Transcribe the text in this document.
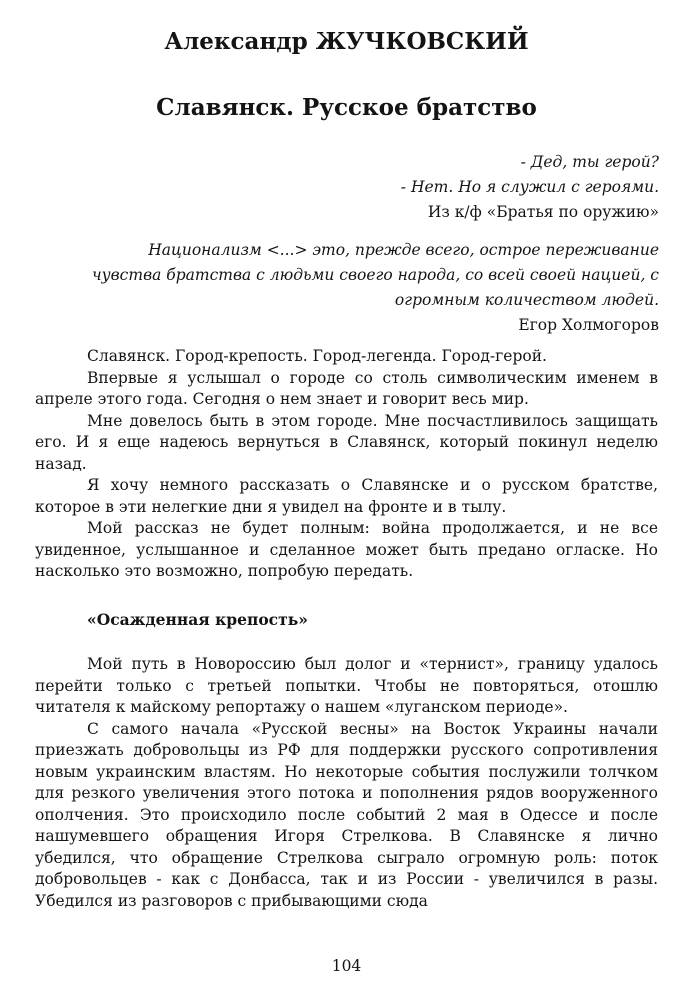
Александр ЖУЧКОВСКИЙ
Славянск. Русское братство
- Дед, ты герой?
- Нет. Но я служил с героями.
Из к/ф «Братья по оружию»
Национализм <...> это, прежде всего, острое переживание
чувства братства с людьми своего народа, со всей своей нацией, с
огромным количеством людей.
Егор Холмогоров

Славянск. Город-крепость. Город-легенда. Город-герой.

Впервые я услышал о городе со столь символическим именем в апреле этого года. Сегодня о нем знает и говорит весь мир.

Мне довелось быть в этом городе. Мне посчастливилось защищать его. И я еще надеюсь вернуться в Славянск, который покинул неделю назад.

Я хочу немного рассказать о Славянске и о русском братстве, которое в эти нелегкие дни я увидел на фронте и в тылу.

Мой рассказ не будет полным: война продолжается, и не все увиденное, услышанное и сделанное может быть предано огласке. Но насколько это возможно, попробую передать.

«Осажденная крепость»

Мой путь в Новороссию был долог и «тернист», границу удалось перейти только с третьей попытки. Чтобы не повторяться, отошлю читателя к майскому репортажу о нашем «луганском периоде».

С самого начала «Русской весны» на Восток Украины начали приезжать добровольцы из РФ для поддержки русского сопротивления новым украинским властям. Но некоторые события послужили толчком для резкого увеличения этого потока и пополнения рядов вооруженного ополчения. Это происходило после событий 2 мая в Одессе и после нашумевшего обращения Игоря Стрелкова. В Славянске я лично убедился, что обращение Стрелкова сыграло огромную роль: поток добровольцев - как с Донбасса, так и из России - увеличился в разы. Убедился из разговоров с прибывающими сюда

104
